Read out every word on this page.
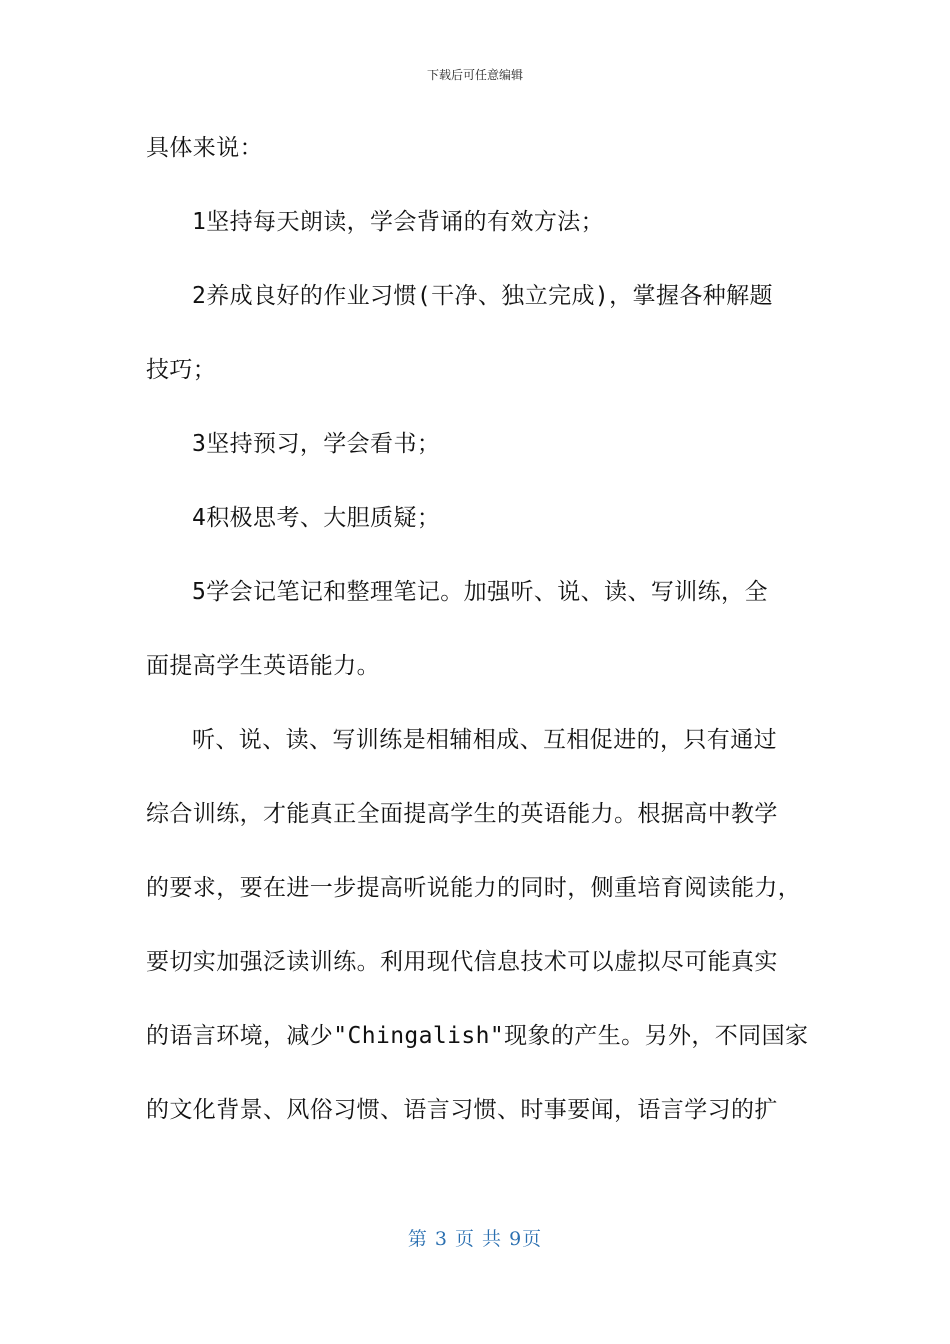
下载后可任意编辑
具体来说：
1坚持每天朗读，学会背诵的有效方法；
2养成良好的作业习惯(干净、独立完成)，掌握各种解题
技巧；
3坚持预习，学会看书；
4积极思考、大胆质疑；
5学会记笔记和整理笔记。加强听、说、读、写训练，全
面提高学生英语能力。
听、说、读、写训练是相辅相成、互相促进的，只有通过
综合训练，才能真正全面提高学生的英语能力。根据高中教学
的要求，要在进一步提高听说能力的同时，侧重培育阅读能力，
要切实加强泛读训练。利用现代信息技术可以虚拟尽可能真实
的语言环境，减少"Chingalish"现象的产生。另外，不同国家
的文化背景、风俗习惯、语言习惯、时事要闻，语言学习的扩
第 3 页 共 9页
